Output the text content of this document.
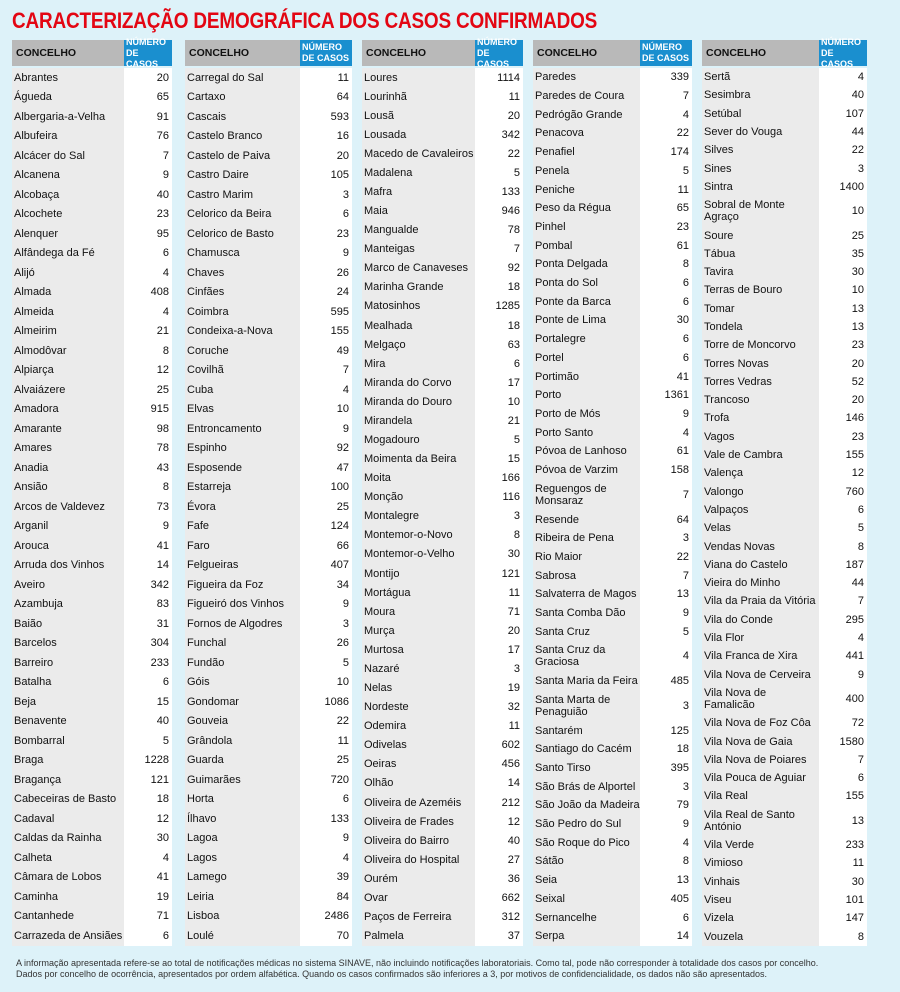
CARACTERIZAÇÃO DEMOGRÁFICA DOS CASOS CONFIRMADOS
CONCELHO
NÚMERO DE CASOS
Abrantes	20
Águeda	65
Albergaria-a-Velha	91
Albufeira	76
Alcácer do Sal	7
Alcanena	9
Alcobaça	40
Alcochete	23
Alenquer	95
Alfândega da Fé	6
Alijó	4
Almada	408
Almeida	4
Almeirim	21
Almodôvar	8
Alpiarça	12
Alvaiázere	25
Amadora	915
Amarante	98
Amares	78
Anadia	43
Ansião	8
Arcos de Valdevez	73
Arganil	9
Arouca	41
Arruda dos Vinhos	14
Aveiro	342
Azambuja	83
Baião	31
Barcelos	304
Barreiro	233
Batalha	6
Beja	15
Benavente	40
Bombarral	5
Braga	1228
Bragança	121
Cabeceiras de Basto	18
Cadaval	12
Caldas da Rainha	30
Calheta	4
Câmara de Lobos	41
Caminha	19
Cantanhede	71
Carrazeda de Ansiães	6
CONCELHO	NÚMERO DE CASOS
Carregal do Sal	11
Cartaxo	64
Cascais	593
Castelo Branco	16
Castelo de Paiva	20
Castro Daire	105
Castro Marim	3
Celorico da Beira	6
Celorico de Basto	23
Chamusca	9
Chaves	26
Cinfães	24
Coimbra	595
Condeixa-a-Nova	155
Coruche	49
Covilhã	7
Cuba	4
Elvas	10
Entroncamento	9
Espinho	92
Esposende	47
Estarreja	100
Évora	25
Fafe	124
Faro	66
Felgueiras	407
Figueira da Foz	34
Figueiró dos Vinhos	9
Fornos de Algodres	3
Funchal	26
Fundão	5
Góis	10
Gondomar	1086
Gouveia	22
Grândola	11
Guarda	25
Guimarães	720
Horta	6
Ílhavo	133
Lagoa	9
Lagos	4
Lamego	39
Leiria	84
Lisboa	2486
Loulé	70
CONCELHO
NÚMERO DE CASOS
Loures	1114
Lourinhã	11
Lousã	20
Lousada	342
Macedo de Cavaleiros	22
Madalena	5
Mafra	133
Maia	946
Mangualde	78
Manteigas	7
Marco de Canaveses	92
Marinha Grande	18
Matosinhos	1285
Mealhada	18
Melgaço	63
Mira	6
Miranda do Corvo	17
Miranda do Douro	10
Mirandela	21
Mogadouro	5
Moimenta da Beira	15
Moita	166
Monção	116
Montalegre	3
Montemor-o-Novo	8
Montemor-o-Velho	30
Montijo	121
Mortágua	11
Moura	71
Murça	20
Murtosa	17
Nazaré	3
Nelas	19
Nordeste	32
Odemira	11
Odivelas	602
Oeiras	456
Olhão	14
Oliveira de Azeméis	212
Oliveira de Frades	12
Oliveira do Bairro	40
Oliveira do Hospital	27
Ourém	36
Ovar	662
Paços de Ferreira	312
Palmela	37
CONCELHO	NÚMERO DE CASOS
Paredes	339
Paredes de Coura	7
Pedrógão Grande	4
Penacova	22
Penafiel	174
Penela	5
Peniche	11
Peso da Régua	65
Pinhel	23
Pombal	61
Ponta Delgada	8
Ponta do Sol	6
Ponte da Barca	6
Ponte de Lima	30
Portalegre	6
Portel	6
Portimão	41
Porto	1361
Porto de Mós	9
Porto Santo	4
Póvoa de Lanhoso	61
Póvoa de Varzim	158
Reguengos de Monsaraz	7
Resende	64
Ribeira de Pena	3
Rio Maior	22
Sabrosa	7
Salvaterra de Magos	13
Santa Comba Dão	9
Santa Cruz	5
Santa Cruz da Graciosa	4
Santa Maria da Feira	485
Santa Marta de Penaguião	3
Santarém	125
Santiago do Cacém	18
Santo Tirso	395
São Brás de Alportel	3
São João da Madeira	79
São Pedro do Sul	9
São Roque do Pico	4
Sátão	8
Seia	13
Seixal	405
Sernancelhe	6
Serpa	14
CONCELHO
NÚMERO DE CASOS
Sertã	4
Sesimbra	40
Setúbal	107
Sever do Vouga	44
Silves	22
Sines	3
Sintra	1400
Sobral de Monte Agraço	10
Soure	25
Tábua	35
Tavira	30
Terras de Bouro	10
Tomar	13
Tondela	13
Torre de Moncorvo	23
Torres Novas	20
Torres Vedras	52
Trancoso	20
Trofa	146
Vagos	23
Vale de Cambra	155
Valença	12
Valongo	760
Valpaços	6
Velas	5
Vendas Novas	8
Viana do Castelo	187
Vieira do Minho	44
Vila da Praia da Vitória	7
Vila do Conde	295
Vila Flor	4
Vila Franca de Xira	441
Vila Nova de Cerveira	9
Vila Nova de Famalicão	400
Vila Nova de Foz Côa	72
Vila Nova de Gaia	1580
Vila Nova de Poiares	7
Vila Pouca de Aguiar	6
Vila Real	155
Vila Real de Santo António	13
Vila Verde	233
Vimioso	11
Vinhais	30
Viseu	101
Vizela	147
Vouzela	8
A informação apresentada refere-se ao total de notificações médicas no sistema SINAVE, não incluindo notificações laboratoriais. Como tal, pode não corresponder à totalidade dos casos por concelho.
Dados por concelho de ocorrência, apresentados por ordem alfabética. Quando os casos confirmados são inferiores a 3, por motivos de confidencialidade, os dados não são apresentados.
